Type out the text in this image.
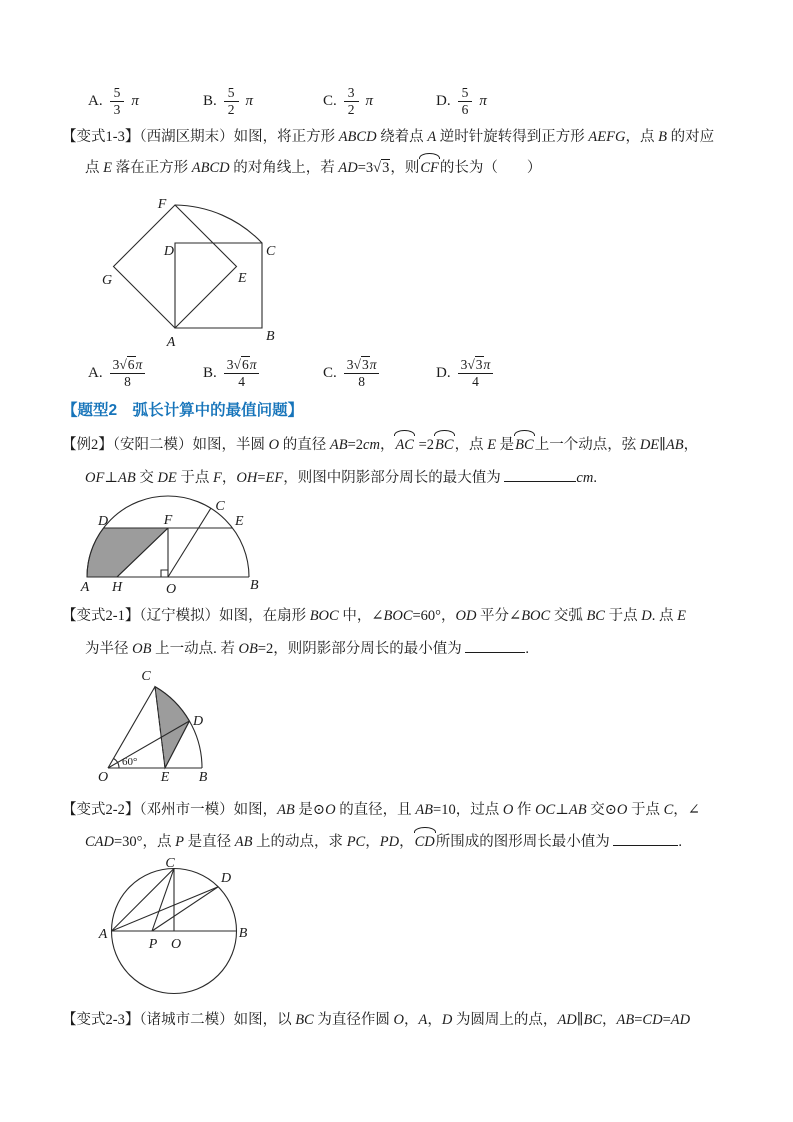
A. $\frac{5}{3}$ π	B. $\frac{5}{2}$ π	C. $\frac{3}{2}$ π	D. $\frac{5}{6}$ π
【变式1-3】（西湖区期末）如图，将正方形 ABCD 绕着点 A 逆时针旋转得到正方形 AEFG，点 B 的对应
点 E 落在正方形 ABCD 的对角线上，若 AD=3√3，则CF的长为（　　）
F
D	C
G	E
A	B
A. $\frac{3√6\pi}{8}$	B. $\frac{3√6\pi}{4}$	C. $\frac{3√3\pi}{8}$	D. $\frac{3√3\pi}{4}$
【题型2　弧长计算中的最值问题】
【例2】（安阳二模）如图，半圆 O 的直径 AB=2cm，AC =2BC，点 E 是BC上一个动点，弦 DE∥AB，
OF⊥AB 交 DE 于点 F，OH=EF，则图中阴影部分周长的最大值为	cm.
D	F
C
E
A H	O	B
【变式2-1】（辽宁模拟）如图，在扇形 BOC 中，∠BOC=60°，OD 平分∠BOC 交弧 BC 于点 D. 点 E
为半径 OB 上一动点. 若 OB=2，则阴影部分周长的最小值为	.
60°
C
D
O	E B
【变式2-2】（邓州市一模）如图，AB 是⊙O 的直径，且 AB=10，过点 O 作 OC⊥AB 交⊙O 于点 C，∠
CAD=30°，点 P 是直径 AB 上的动点，求 PC，PD，CD所围成的图形周长最小值为	.
C
D
A	B
P O
【变式2-3】（诸城市二模）如图，以 BC 为直径作圆 O，A，D 为圆周上的点，AD∥BC，AB=CD=AD
